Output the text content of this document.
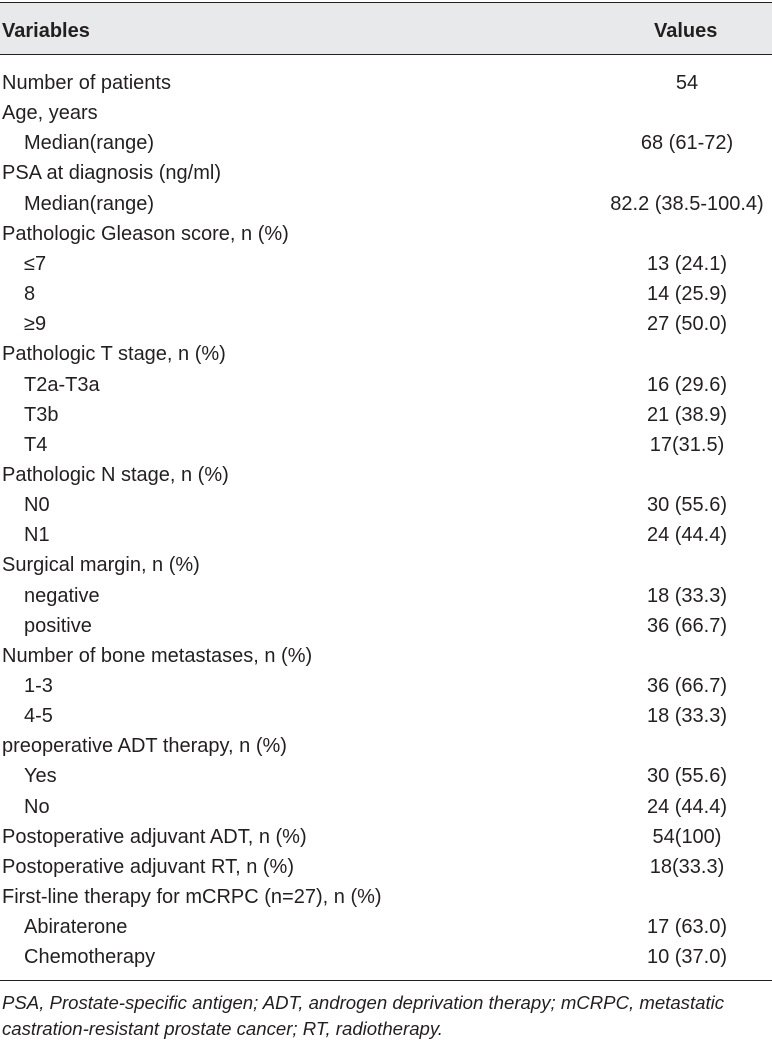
Variables	Values
Number of patients	54
Age, years
Median(range)	68 (61-72)
PSA at diagnosis (ng/ml)
Median(range)	82.2 (38.5-100.4)
Pathologic Gleason score, n (%)
≤7	13 (24.1)
8	14 (25.9)
≥9	27 (50.0)
Pathologic T stage, n (%)
T2a-T3a	16 (29.6)
T3b	21 (38.9)
T4	17(31.5)
Pathologic N stage, n (%)
N0	30 (55.6)
N1	24 (44.4)
Surgical margin, n (%)
negative	18 (33.3)
positive	36 (66.7)
Number of bone metastases, n (%)
1-3	36 (66.7)
4-5	18 (33.3)
preoperative ADT therapy, n (%)
Yes	30 (55.6)
No	24 (44.4)
Postoperative adjuvant ADT, n (%)	54(100)
Postoperative adjuvant RT, n (%)	18(33.3)
First-line therapy for mCRPC (n=27), n (%)
Abiraterone	17 (63.0)
Chemotherapy	10 (37.0)
PSA, Prostate-specific antigen; ADT, androgen deprivation therapy; mCRPC, metastatic castration-resistant prostate cancer; RT, radiotherapy.
